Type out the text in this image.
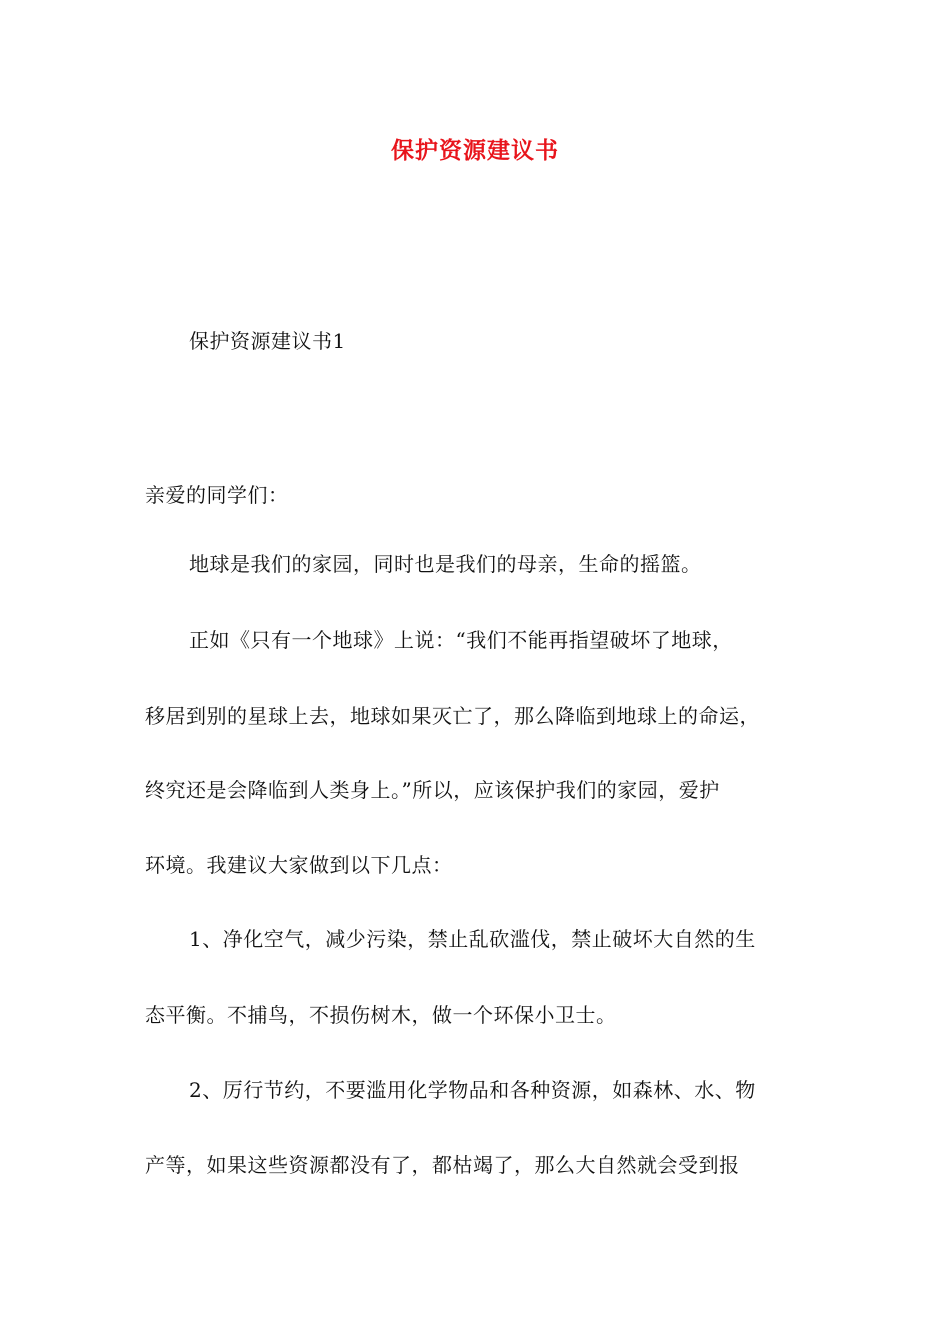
保护资源建议书
保护资源建议书1
亲爱的同学们：
地球是我们的家园，同时也是我们的母亲，生命的摇篮。
正如《只有一个地球》上说：“我们不能再指望破坏了地球，
移居到别的星球上去，地球如果灭亡了，那么降临到地球上的命运，
终究还是会降临到人类身上。”所以，应该保护我们的家园，爱护
环境。我建议大家做到以下几点：
1、净化空气，减少污染，禁止乱砍滥伐，禁止破坏大自然的生
态平衡。不捕鸟，不损伤树木，做一个环保小卫士。
2、厉行节约，不要滥用化学物品和各种资源，如森林、水、物
产等，如果这些资源都没有了，都枯竭了，那么大自然就会受到报
